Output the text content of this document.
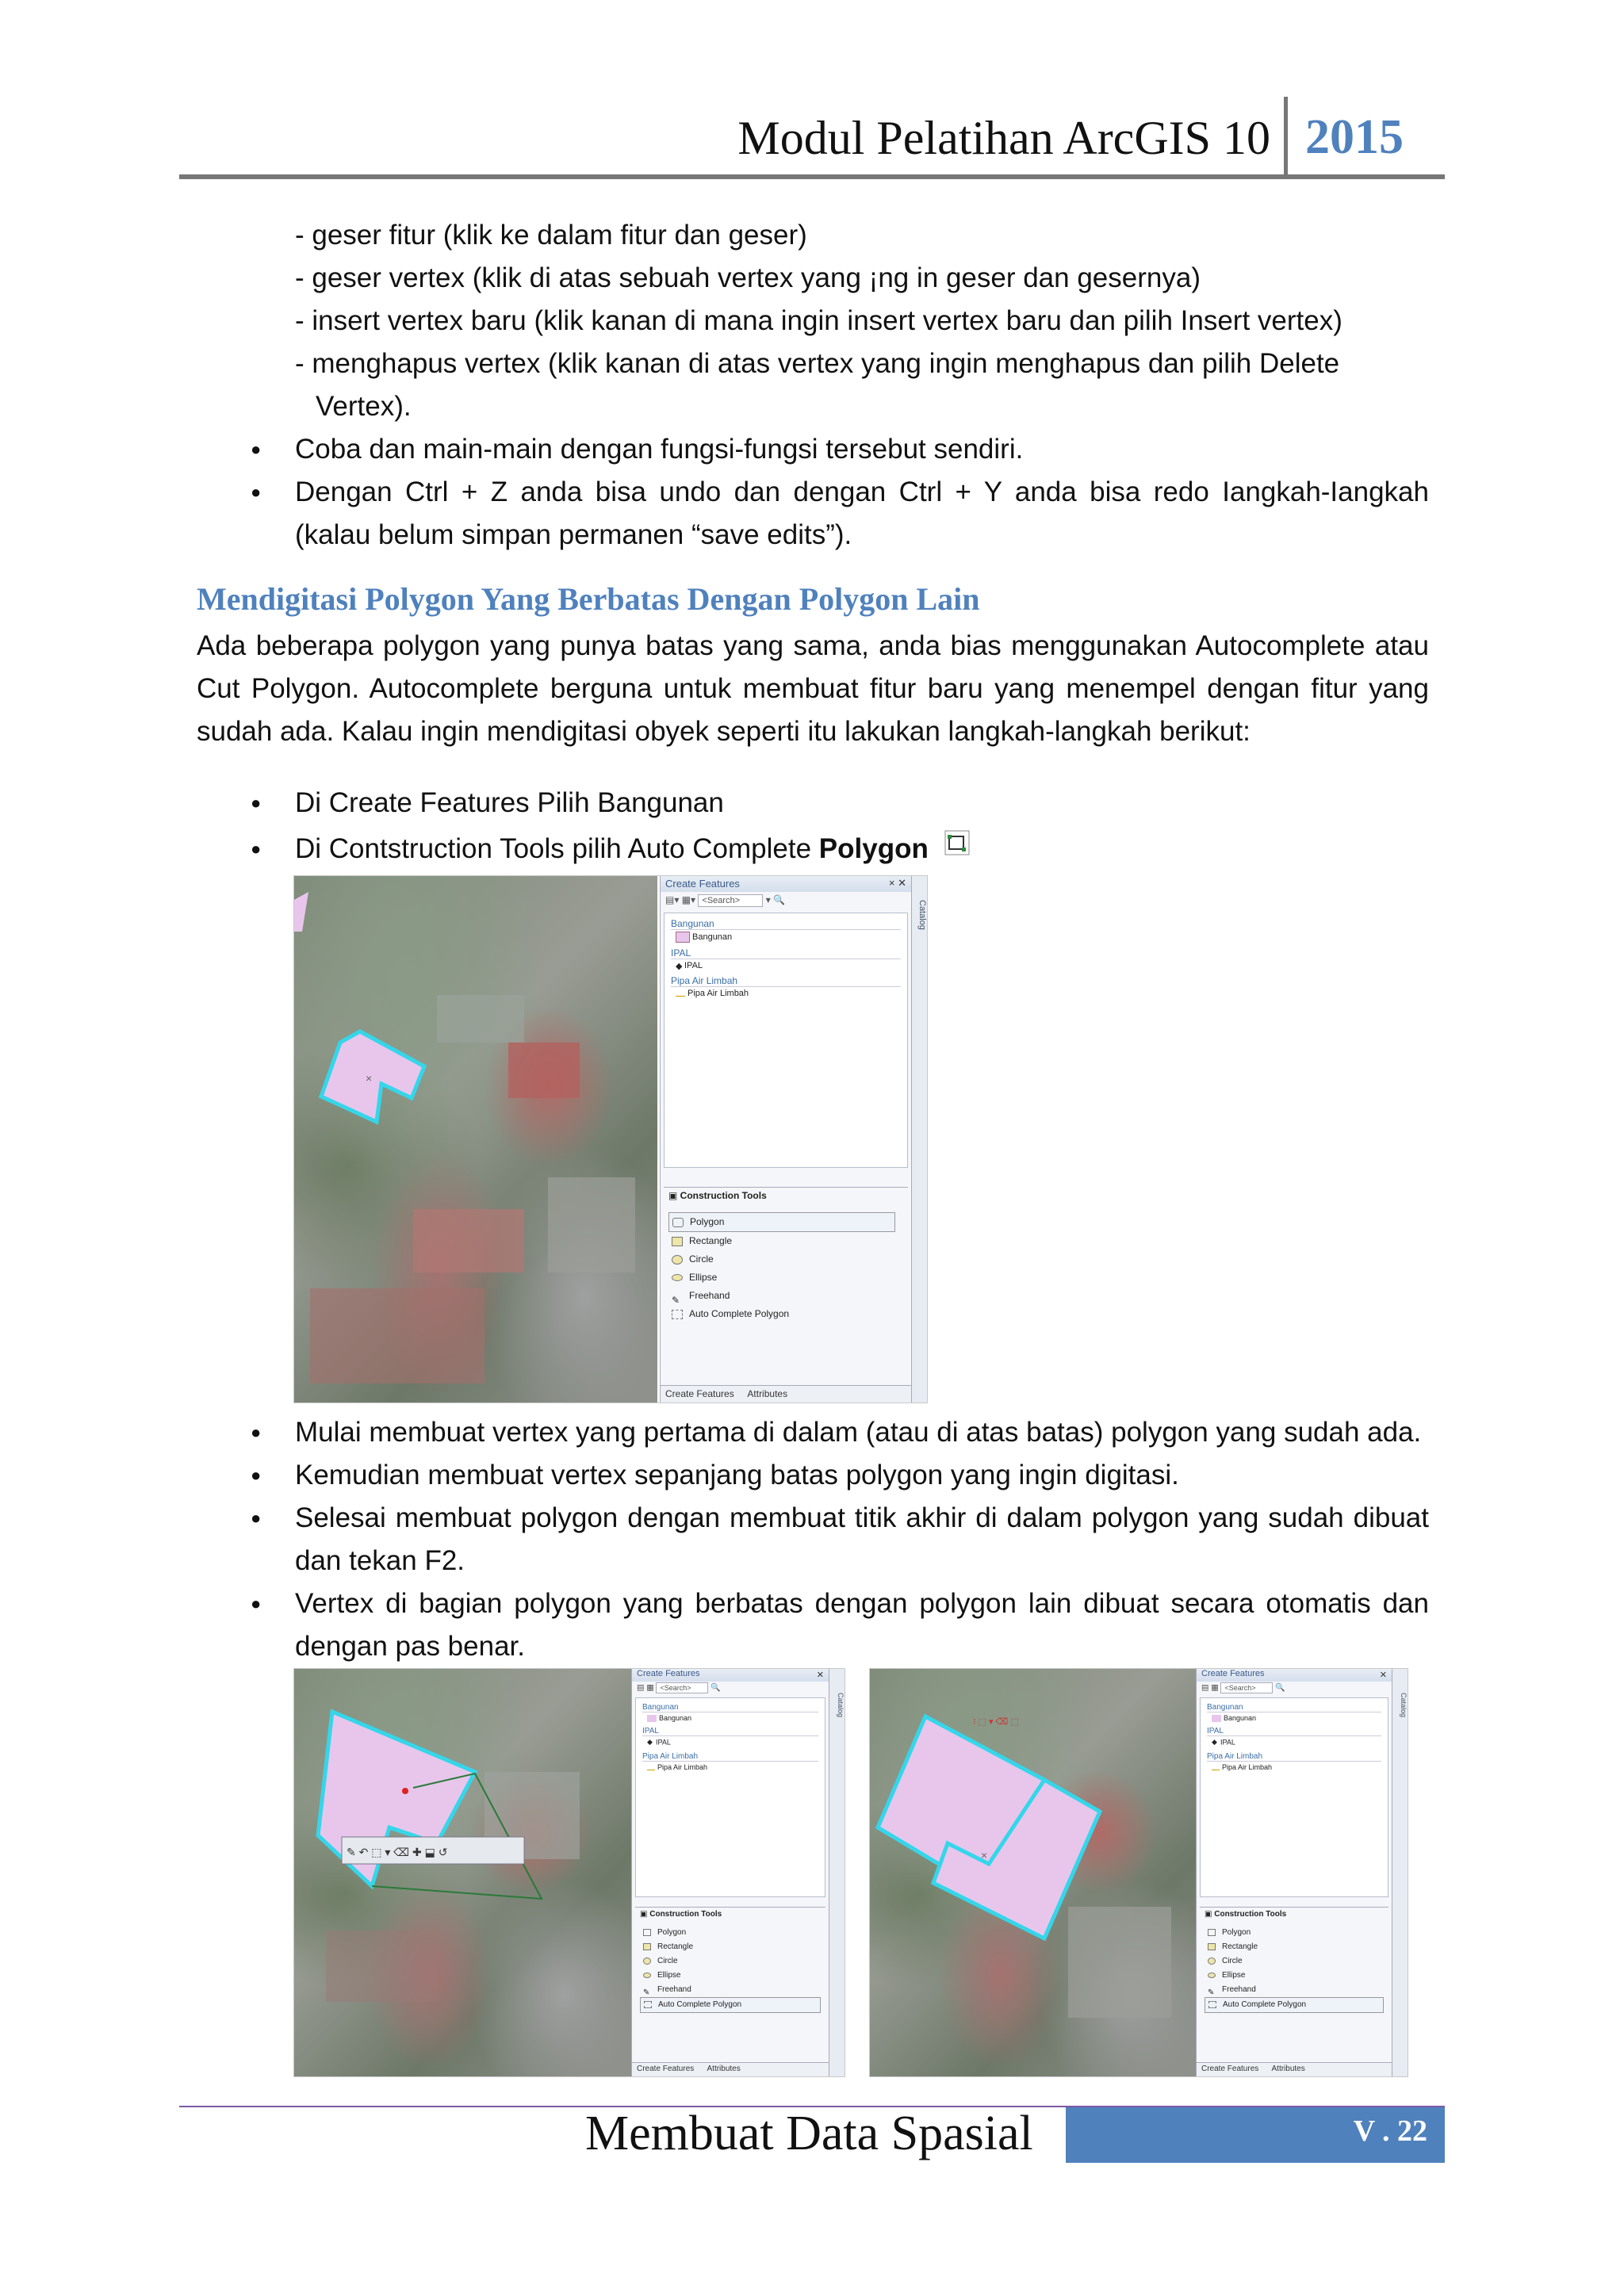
Modul Pelatihan ArcGIS 10 2015
- geser fitur (klik ke dalam fitur dan geser)
- geser vertex (klik di atas sebuah vertex yang ¡ng in geser dan gesernya)
- insert vertex baru (klik kanan di mana ingin insert vertex baru dan pilih Insert vertex)
- menghapus vertex (klik kanan di atas vertex yang ingin menghapus dan pilih Delete
Vertex).
● Coba dan main-main dengan fungsi-fungsi tersebut sendiri.
● Dengan Ctrl + Z anda bisa undo dan dengan Ctrl + Y anda bisa redo Iangkah-Iangkah (kalau belum simpan permanen “save edits”).
Mendigitasi Polygon Yang Berbatas Dengan Polygon Lain
Ada beberapa polygon yang punya batas yang sama, anda bias menggunakan Autocomplete atau Cut Polygon. Autocomplete berguna untuk membuat fitur baru yang menempel dengan fitur yang sudah ada. Kalau ingin mendigitasi obyek seperti itu lakukan langkah-langkah berikut:
● Di Create Features Pilih Bangunan
● Di Contstruction Tools pilih Auto Complete Polygon
×
Create Features	× ✕
▤▾ ▦▾ <Search>	▾ 🔍
Bangunan
Bangunan
IPAL
◆ IPAL
Pipa Air Limbah
Pipa Air Limbah
▣ Construction Tools
Polygon
Rectangle
Circle
Ellipse
✎ Freehand
Auto Complete Polygon
Create Features Attributes
Catalog
● Mulai membuat vertex yang pertama di dalam (atau di atas batas) polygon yang sudah ada.
● Kemudian membuat vertex sepanjang batas polygon yang ingin digitasi.
● Selesai membuat polygon dengan membuat titik akhir di dalam polygon yang sudah dibuat dan tekan F2.
● Vertex di bagian polygon yang berbatas dengan polygon lain dibuat secara otomatis dan dengan pas benar.
✎ ↶ ⬚ ▾ ⌫ ✚ ⬓ ↺
Create Features	✕
▤ ▦ <Search> 🔍
Bangunan
Bangunan
IPAL
◆ IPAL
Pipa Air Limbah
Pipa Air Limbah
▣ Construction Tools
Polygon
Rectangle
Circle
Ellipse
✎ Freehand
Auto Complete Polygon
Create Features Attributes
Catalog
×
⁝ ⬚ ▾ ⌫ ⬚
Create Features	✕
▤ ▦ <Search> 🔍
Bangunan
Bangunan
IPAL
◆ IPAL
Pipa Air Limbah
Pipa Air Limbah
▣ Construction Tools
Polygon
Rectangle
Circle
Ellipse
✎ Freehand
Auto Complete Polygon
Create Features Attributes
Catalog
Membuat Data Spasial	V . 22
